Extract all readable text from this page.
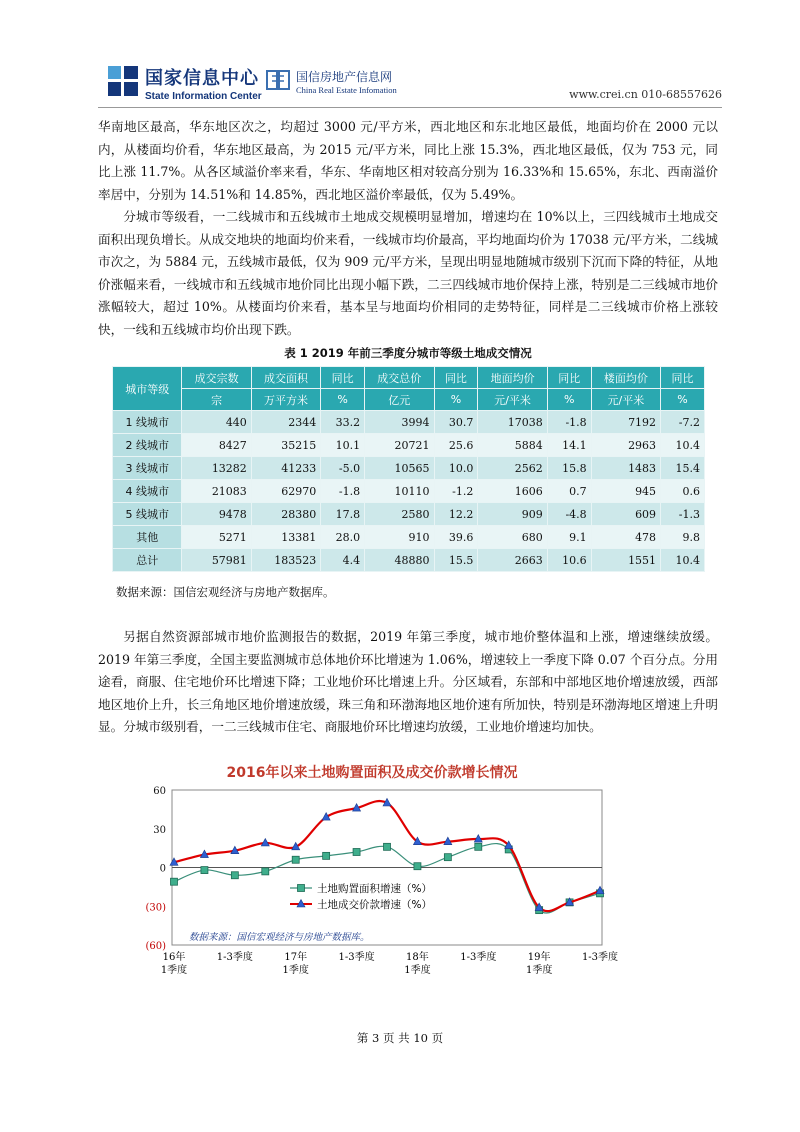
国家信息中心
State Information Center
国信房地产信息网
China Real Estate Infomation	www.crei.cn 010-68557626

华南地区最高，华东地区次之，均超过 3000 元/平方米，西北地区和东北地区最低，地面均价在 2000 元以内，从楼面均价看，华东地区最高，为 2015 元/平方米，同比上涨 15.3%，西北地区最低，仅为 753 元，同比上涨 11.7%。从各区域溢价率来看，华东、华南地区相对较高分别为 16.33%和 15.65%，东北、西南溢价率居中，分别为 14.51%和 14.85%，西北地区溢价率最低，仅为 5.49%。

分城市等级看，一二线城市和五线城市土地成交规模明显增加，增速均在 10%以上，三四线城市土地成交面积出现负增长。从成交地块的地面均价来看，一线城市均价最高，平均地面均价为 17038 元/平方米，二线城市次之，为 5884 元，五线城市最低，仅为 909 元/平方米，呈现出明显地随城市级别下沉而下降的特征，从地价涨幅来看，一线城市和五线城市地价同比出现小幅下跌，二三四线城市地价保持上涨，特别是二三线城市地价涨幅较大，超过 10%。从楼面均价来看，基本呈与地面均价相同的走势特征，同样是二三线城市价格上涨较快，一线和五线城市均价出现下跌。

表 1 2019 年前三季度分城市等级土地成交情况
城市等级	成交宗数	成交面积	同比	成交总价	同比	地面均价	同比	楼面均价	同比
	宗	万平方米	%	亿元	%	元/平米	%	元/平米	%
1 线城市	440	2344	33.2	3994	30.7	17038	-1.8	7192	-7.2
2 线城市	8427	35215	10.1	20721	25.6	5884	14.1	2963	10.4
3 线城市	13282	41233	-5.0	10565	10.0	2562	15.8	1483	15.4
4 线城市	21083	62970	-1.8	10110	-1.2	1606	0.7	945	0.6
5 线城市	9478	28380	17.8	2580	12.2	909	-4.8	609	-1.3
其他	5271	13381	28.0	910	39.6	680	9.1	478	9.8
总计	57981	183523	4.4	48880	15.5	2663	10.6	1551	10.4
数据来源：国信宏观经济与房地产数据库。

另据自然资源部城市地价监测报告的数据，2019 年第三季度，城市地价整体温和上涨，增速继续放缓。2019 年第三季度，全国主要监测城市总体地价环比增速为 1.06%，增速较上一季度下降 0.07 个百分点。分用途看，商服、住宅地价环比增速下降；工业地价环比增速上升。分区域看，东部和中部地区地价增速放缓，西部地区地价上升，长三角地区地价增速放缓，珠三角和环渤海地区地价速有所加快，特别是环渤海地区增速上升明显。分城市级别看，一二三线城市住宅、商服地价环比增速均放缓，工业地价增速均加快。

2016年以来土地购置面积及成交价款增长情况
60
30
0
(30)
(60)
16年
1季度
1-3季度	17年
1季度
1-3季度	18年
1季度
1-3季度	19年
1季度
1-3季度
土地购置面积增速（%）
土地成交价款增速（%）
数据来源：国信宏观经济与房地产数据库。
第 3 页 共 10 页
